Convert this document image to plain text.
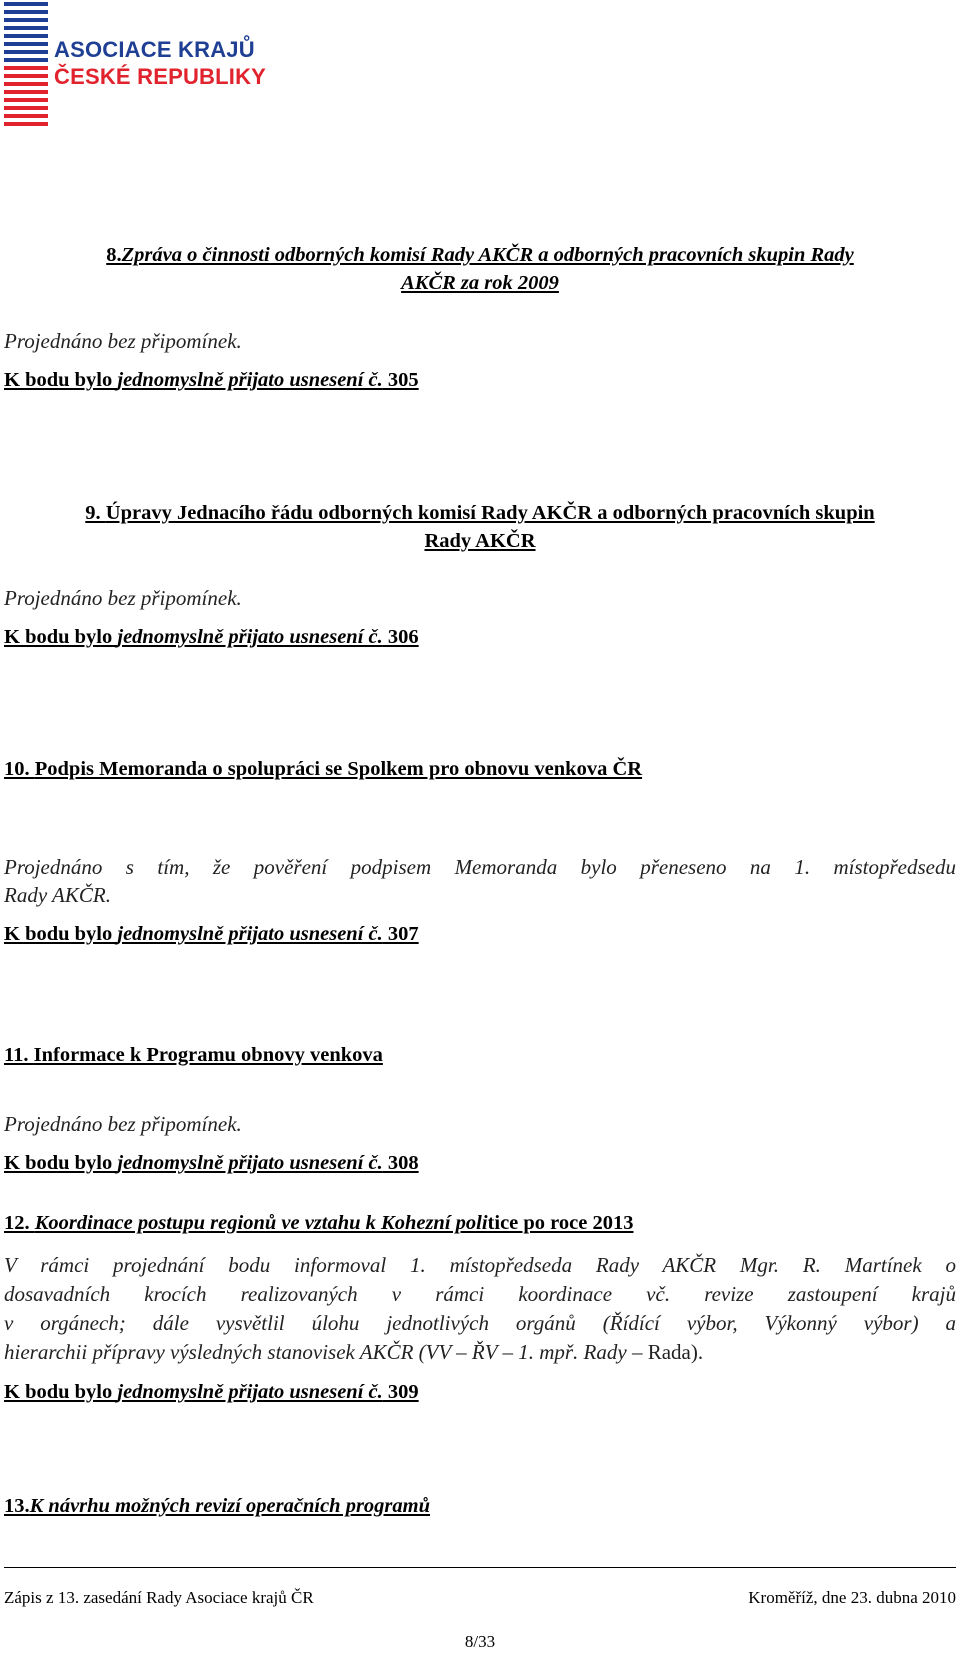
ASOCIACE KRAJŮ
ČESKÉ REPUBLIKY
8.Zpráva o činnosti odborných komisí Rady AKČR a odborných pracovních skupin Rady
AKČR za rok 2009
Projednáno bez připomínek.
K bodu bylo jednomyslně přijato usnesení č. 305
9. Úpravy Jednacího řádu odborných komisí Rady AKČR a odborných pracovních skupin
Rady AKČR
Projednáno bez připomínek.
K bodu bylo jednomyslně přijato usnesení č. 306
10. Podpis Memoranda o spolupráci se Spolkem pro obnovu venkova ČR
Projednáno s tím, že pověření podpisem Memoranda bylo přeneseno na 1. místopředsedu
Rady AKČR.
K bodu bylo jednomyslně přijato usnesení č. 307
11. Informace k Programu obnovy venkova
Projednáno bez připomínek.
K bodu bylo jednomyslně přijato usnesení č. 308
12. Koordinace postupu regionů ve vztahu k Kohezní politice po roce 2013
V rámci projednání bodu informoval 1. místopředseda Rady AKČR Mgr. R. Martínek o
dosavadních krocích realizovaných v rámci koordinace vč. revize zastoupení krajů
v orgánech; dále vysvětlil úlohu jednotlivých orgánů (Řídící výbor, Výkonný výbor) a
hierarchii přípravy výsledných stanovisek AKČR (VV – ŘV – 1. mpř. Rady – Rada).
K bodu bylo jednomyslně přijato usnesení č. 309
13.K návrhu možných revizí operačních programů
Zápis z 13. zasedání Rady Asociace krajů ČR	Kroměříž, dne 23. dubna 2010
8/33
